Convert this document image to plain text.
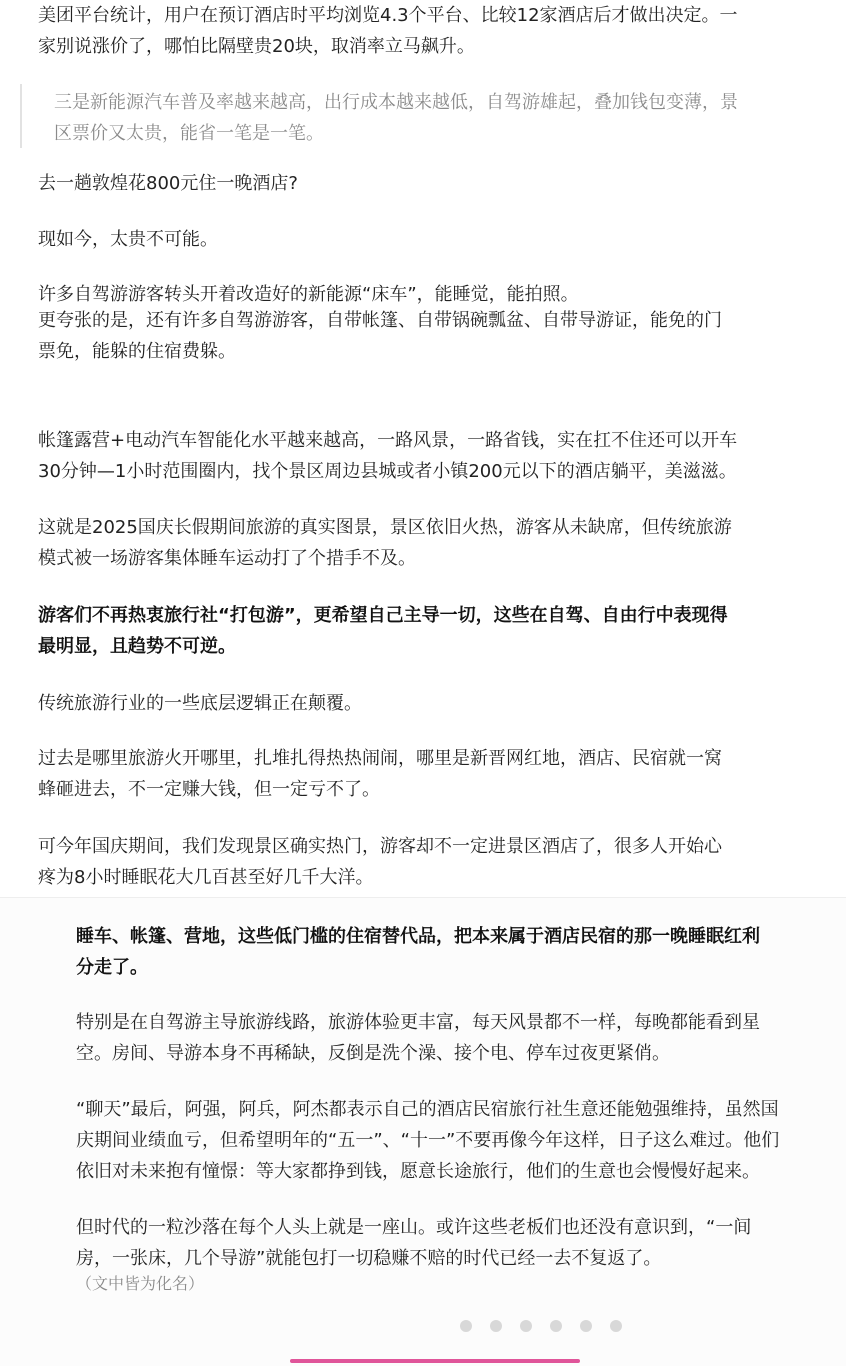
美团平台统计，用户在预订酒店时平均浏览4.3个平台、比较12家酒店后才做出决定。一
家别说涨价了，哪怕比隔壁贵20块，取消率立马飙升。

三是新能源汽车普及率越来越高，出行成本越来越低，自驾游雄起，叠加钱包变薄，景
区票价又太贵，能省一笔是一笔。

去一趟敦煌花800元住一晚酒店?

现如今，太贵不可能。

许多自驾游游客转头开着改造好的新能源“床车”，能睡觉，能拍照。

更夸张的是，还有许多自驾游游客，自带帐篷、自带锅碗瓢盆、自带导游证，能免的门
票免，能躲的住宿费躲。

帐篷露营+电动汽车智能化水平越来越高，一路风景，一路省钱，实在扛不住还可以开车
30分钟—1小时范围圈内，找个景区周边县城或者小镇200元以下的酒店躺平，美滋滋。

这就是2025国庆长假期间旅游的真实图景，景区依旧火热，游客从未缺席，但传统旅游
模式被一场游客集体睡车运动打了个措手不及。

游客们不再热衷旅行社“打包游”，更希望自己主导一切，这些在自驾、自由行中表现得
最明显，且趋势不可逆。

传统旅游行业的一些底层逻辑正在颠覆。

过去是哪里旅游火开哪里，扎堆扎得热热闹闹，哪里是新晋网红地，酒店、民宿就一窝
蜂砸进去，不一定赚大钱，但一定亏不了。

可今年国庆期间，我们发现景区确实热门，游客却不一定进景区酒店了，很多人开始心
疼为8小时睡眠花大几百甚至好几千大洋。

睡车、帐篷、营地，这些低门槛的住宿替代品，把本来属于酒店民宿的那一晚睡眠红利
分走了。

特别是在自驾游主导旅游线路，旅游体验更丰富，每天风景都不一样，每晚都能看到星
空。房间、导游本身不再稀缺，反倒是洗个澡、接个电、停车过夜更紧俏。

“聊天”最后，阿强，阿兵，阿杰都表示自己的酒店民宿旅行社生意还能勉强维持，虽然国
庆期间业绩血亏，但希望明年的“五一”、“十一”不要再像今年这样，日子这么难过。他们
依旧对未来抱有憧憬：等大家都挣到钱，愿意长途旅行，他们的生意也会慢慢好起来。

但时代的一粒沙落在每个人头上就是一座山。或许这些老板们也还没有意识到，“一间
房，一张床，几个导游”就能包打一切稳赚不赔的时代已经一去不复返了。

（文中皆为化名）
